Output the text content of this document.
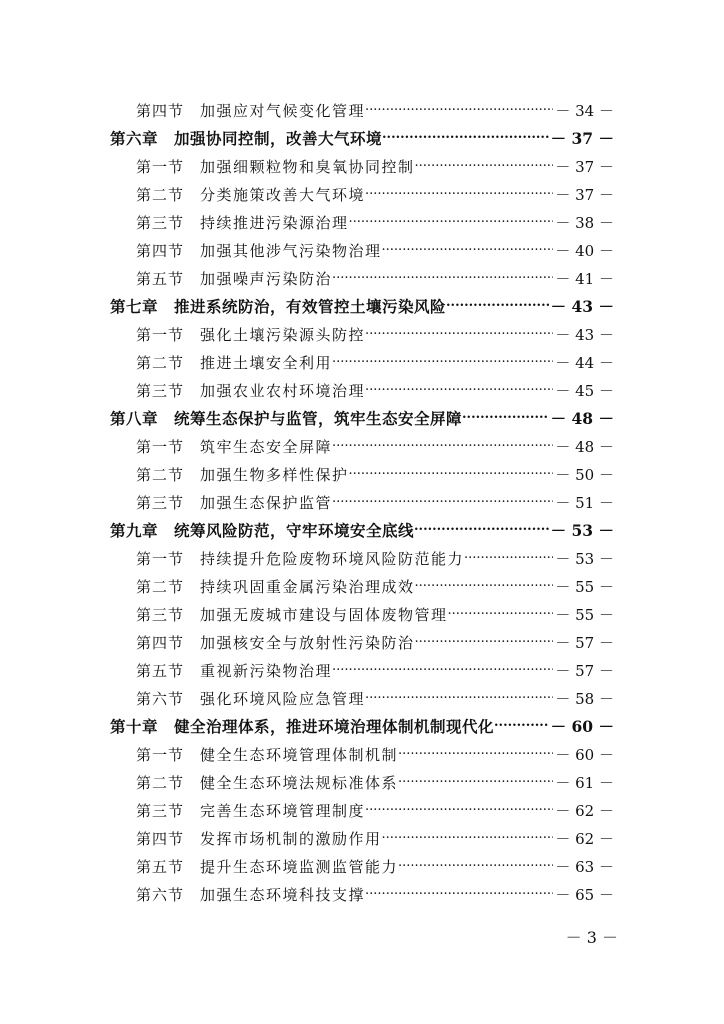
第四节 加强应对气候变化管理 .....	－ 34 －
第六章 加强协同控制，改善大气环境 .....	－ 37 －
第一节 加强细颗粒物和臭氧协同控制 .....	－ 37 －
第二节 分类施策改善大气环境 .....	－ 37 －
第三节 持续推进污染源治理 .....	－ 38 －
第四节 加强其他涉气污染物治理 .....	－ 40 －
第五节 加强噪声污染防治 .....	－ 41 －
第七章 推进系统防治，有效管控土壤污染风险 .....	－ 43 －
第一节 强化土壤污染源头防控 .....	－ 43 －
第二节 推进土壤安全利用 .....	－ 44 －
第三节 加强农业农村环境治理 .....	－ 45 －
第八章 统筹生态保护与监管，筑牢生态安全屏障 .....	－ 48 －
第一节 筑牢生态安全屏障 .....	－ 48 －
第二节 加强生物多样性保护 .....	－ 50 －
第三节 加强生态保护监管 .....	－ 51 －
第九章 统筹风险防范，守牢环境安全底线 .....	－ 53 －
第一节 持续提升危险废物环境风险防范能力 .....	－ 53 －
第二节 持续巩固重金属污染治理成效 .....	－ 55 －
第三节 加强无废城市建设与固体废物管理 .....	－ 55 －
第四节 加强核安全与放射性污染防治 .....	－ 57 －
第五节 重视新污染物治理 .....	－ 57 －
第六节 强化环境风险应急管理 .....	－ 58 －
第十章 健全治理体系，推进环境治理体制机制现代化 .....	－ 60 －
第一节 健全生态环境管理体制机制 .....	－ 60 －
第二节 健全生态环境法规标准体系 .....	－ 61 －
第三节 完善生态环境管理制度 .....	－ 62 －
第四节 发挥市场机制的激励作用 .....	－ 62 －
第五节 提升生态环境监测监管能力 .....	－ 63 －
第六节 加强生态环境科技支撑 .....	－ 65 －
－ 3 －
